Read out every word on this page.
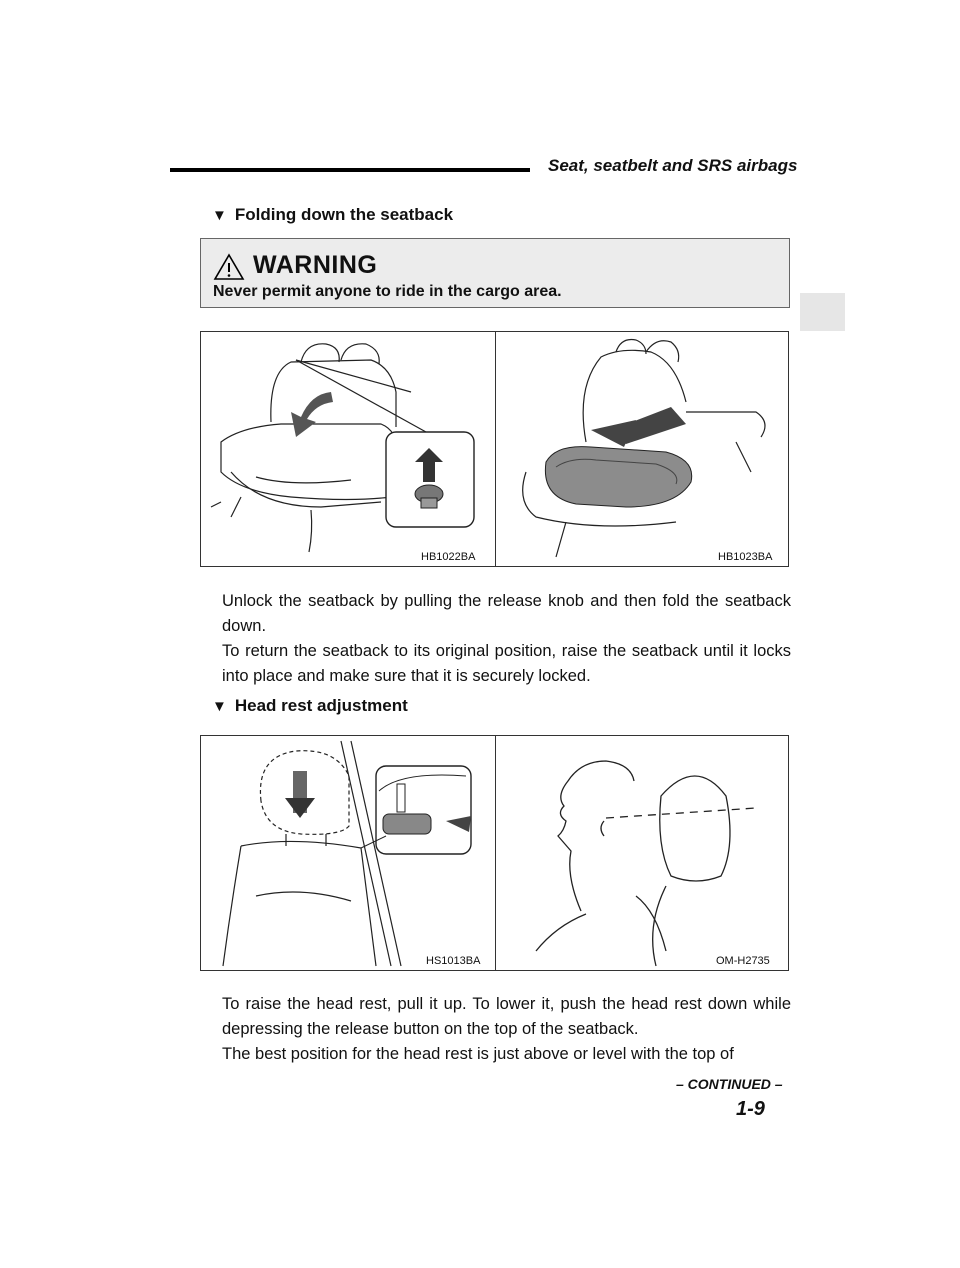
Seat, seatbelt and SRS airbags
▼ Folding down the seatback
WARNING
Never permit anyone to ride in the cargo area.
HB1022BA	HB1023BA

Unlock the seatback by pulling the release knob and then fold the seatback down.

To return the seatback to its original position, raise the seatback until it locks into place and make sure that it is securely locked.

▼ Head rest adjustment
HS1013BA	OM-H2735

To raise the head rest, pull it up. To lower it, push the head rest down while depressing the release button on the top of the seatback.

The best position for the head rest is just above or level with the top of

– CONTINUED –
1-9
